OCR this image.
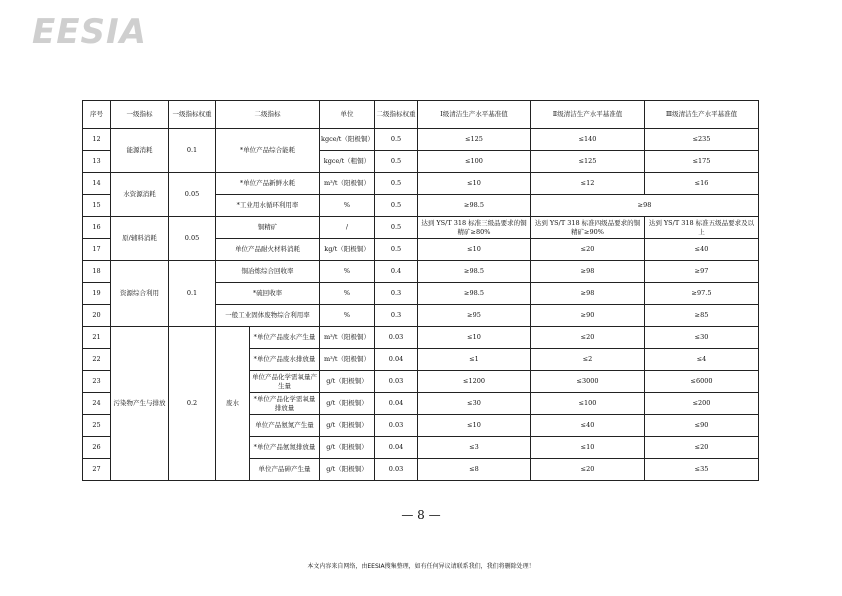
EESIA
序号	一级指标	一级指标权重	二级指标		单位	二级指标权重	Ⅰ级清洁生产水平基准值	Ⅱ级清洁生产水平基准值	Ⅲ级清洁生产水平基准值
12	能源消耗	0.1	*单位产品综合能耗		kgce/t（阳极铜）	0.5	≤125	≤140	≤235
13					kgce/t（粗铜）	0.5	≤100	≤125	≤175
14	水资源消耗	0.05	*单位产品新鲜水耗		m³/t（阳极铜）	0.5	≤10	≤12	≤16
15			*工业用水循环利用率		%	0.5	≥98.5	≥98	
16	原/辅料消耗	0.05	铜精矿		/	0.5	达到 YS/T 318 标准三级品要求的铜精矿≥80%	达到 YS/T 318 标准四级品要求的铜精矿≥90%	达到 YS/T 318 标准五级品要求及以上
17			单位产品耐火材料消耗		kg/t（阳极铜）	0.5	≤10	≤20	≤40
18	资源综合利用	0.1	铜冶炼综合回收率		%	0.4	≥98.5	≥98	≥97
19			*硫回收率		%	0.3	≥98.5	≥98	≥97.5
20			一般工业固体废物综合利用率		%	0.3	≥95	≥90	≥85
21	污染物产生与排放	0.2	废水	*单位产品废水产生量	m³/t（阳极铜）	0.03	≤10	≤20	≤30
22				*单位产品废水排放量	m³/t（阳极铜）	0.04	≤1	≤2	≤4
23				单位产品化学需氧量产生量	g/t（阳极铜）	0.03	≤1200	≤3000	≤6000
24				*单位产品化学需氧量排放量	g/t（阳极铜）	0.04	≤30	≤100	≤200
25				单位产品氨氮产生量	g/t（阳极铜）	0.03	≤10	≤40	≤90
26				*单位产品氨氮排放量	g/t（阳极铜）	0.04	≤3	≤10	≤20
27				单位产品砷产生量	g/t（阳极铜）	0.03	≤8	≤20	≤35
— 8 —
本文内容来自网络，由EESIA搜集整理，如有任何异议请联系我们，我们将删除处理！
